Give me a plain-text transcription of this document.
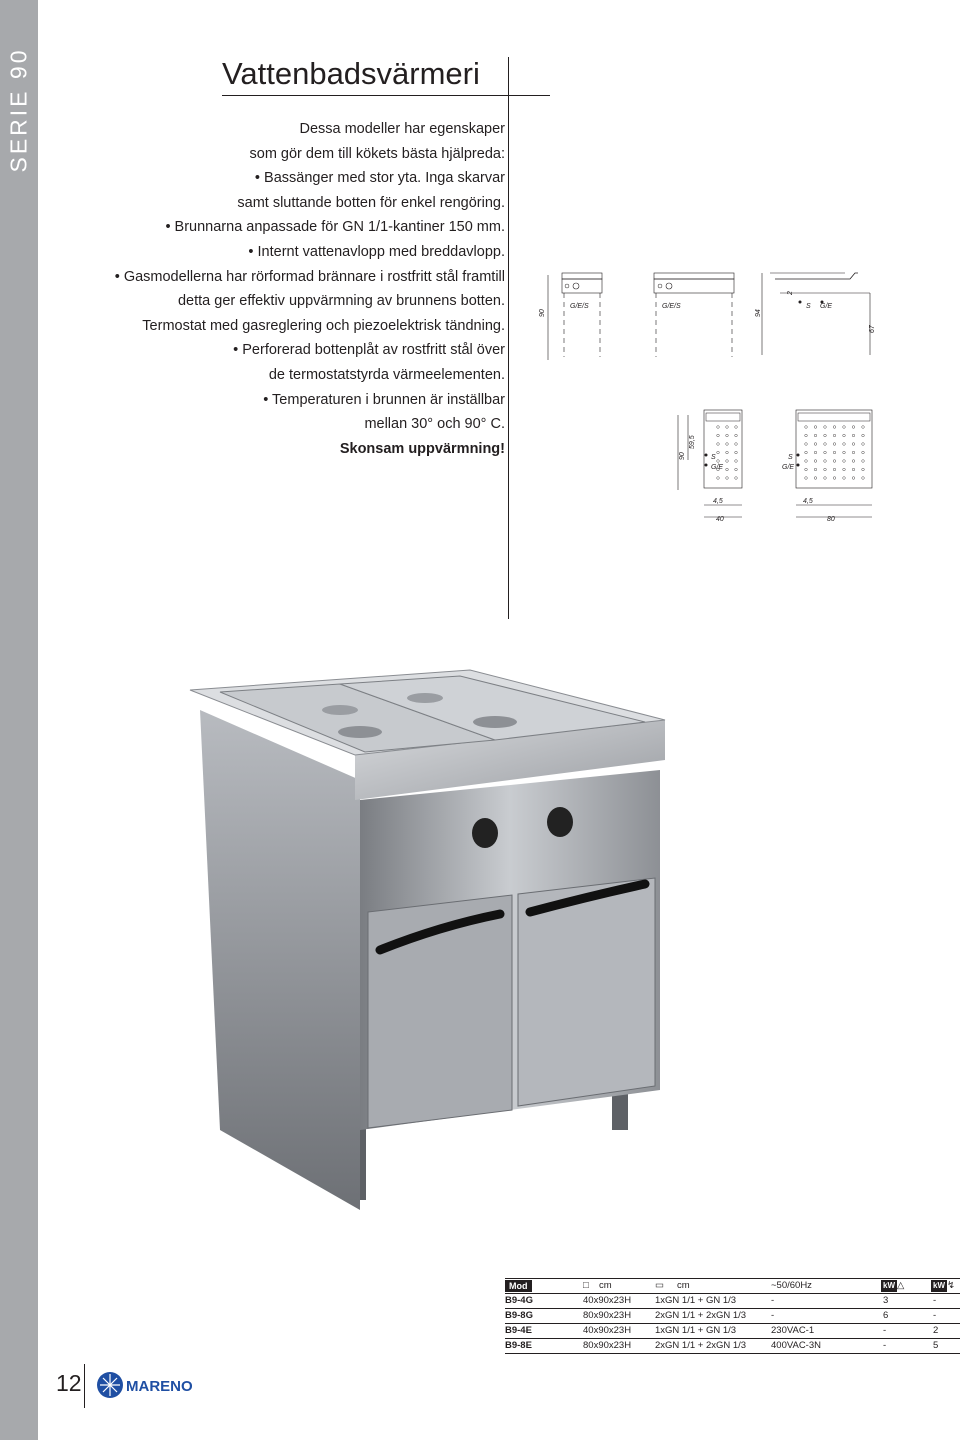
SERIE 90	Vattenbadsvärmeri
Dessa modeller har egenskaper
som gör dem till kökets bästa hjälpreda:
• Bassänger med stor yta. Inga skarvar
samt sluttande botten för enkel rengöring.
• Brunnarna anpassade för GN 1/1-kantiner 150 mm.
• Internt vattenavlopp med breddavlopp.
• Gasmodellerna har rörformad brännare i rostfritt stål framtill
detta ger effektiv uppvärmning av brunnens botten.
Termostat med gasreglering och piezoelektrisk tändning.
• Perforerad bottenplåt av rostfritt stål över
de termostatstyrda värmeelementen.
• Temperaturen i brunnen är inställbar
mellan 30° och 90° C.
Skonsam uppvärmning!
90
G/E/S	G/E/S
94
2
67
S G/E
90
59,5
S
G/E
S
G/E
4,5
40
4,5
80
Mod	□ cm	▭ cm	~50/60Hz	kW △	kW ↯
B9-4G	40x90x23H	1xGN 1/1 + GN 1/3	-	3	-
B9-8G	80x90x23H	2xGN 1/1 + 2xGN 1/3	-	6	-
B9-4E	40x90x23H	1xGN 1/1 + GN 1/3	230VAC-1	-	2
B9-8E	80x90x23H	2xGN 1/1 + 2xGN 1/3	400VAC-3N	-	5
12	MARENO
